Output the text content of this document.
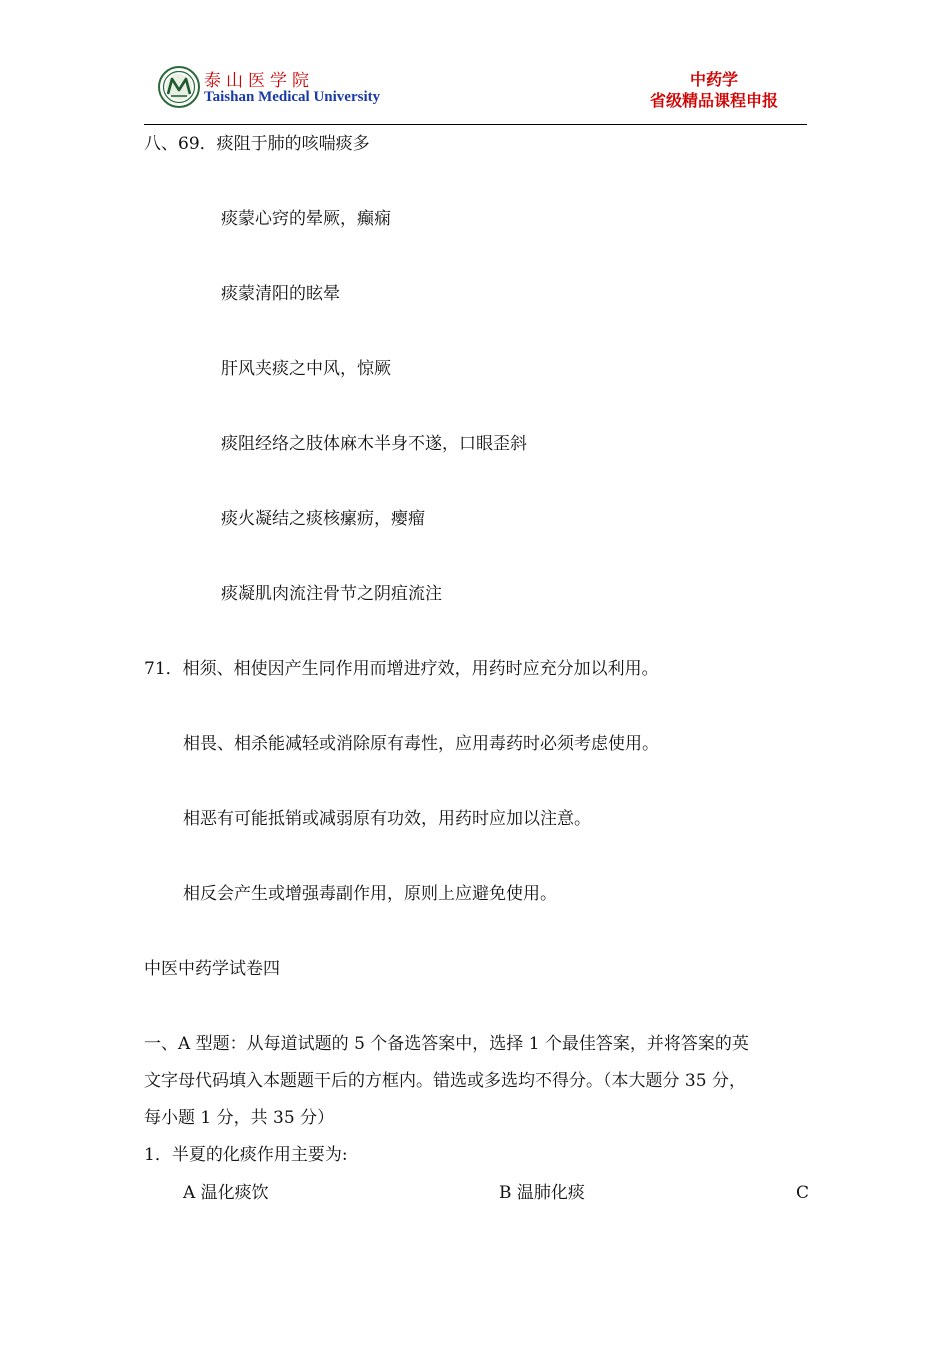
泰山医学院
Taishan Medical University
中药学
省级精品课程申报
八、69．痰阻于肺的咳喘痰多
痰蒙心窍的晕厥，癫痫
痰蒙清阳的眩晕
肝风夹痰之中风，惊厥
痰阻经络之肢体麻木半身不遂，口眼歪斜
痰火凝结之痰核瘰疬，瘿瘤
痰凝肌肉流注骨节之阴疽流注
71．相须、相使因产生同作用而增进疗效，用药时应充分加以利用。
相畏、相杀能减轻或消除原有毒性，应用毒药时必须考虑使用。
相恶有可能抵销或减弱原有功效，用药时应加以注意。
相反会产生或增强毒副作用，原则上应避免使用。
中医中药学试卷四
一、A 型题：从每道试题的 5 个备选答案中，选择 1 个最佳答案，并将答案的英
文字母代码填入本题题干后的方框内。错选或多选均不得分。（本大题分 35 分，
每小题 1 分，共 35 分）
1．半夏的化痰作用主要为:
A 温化痰饮	B 温肺化痰	C
